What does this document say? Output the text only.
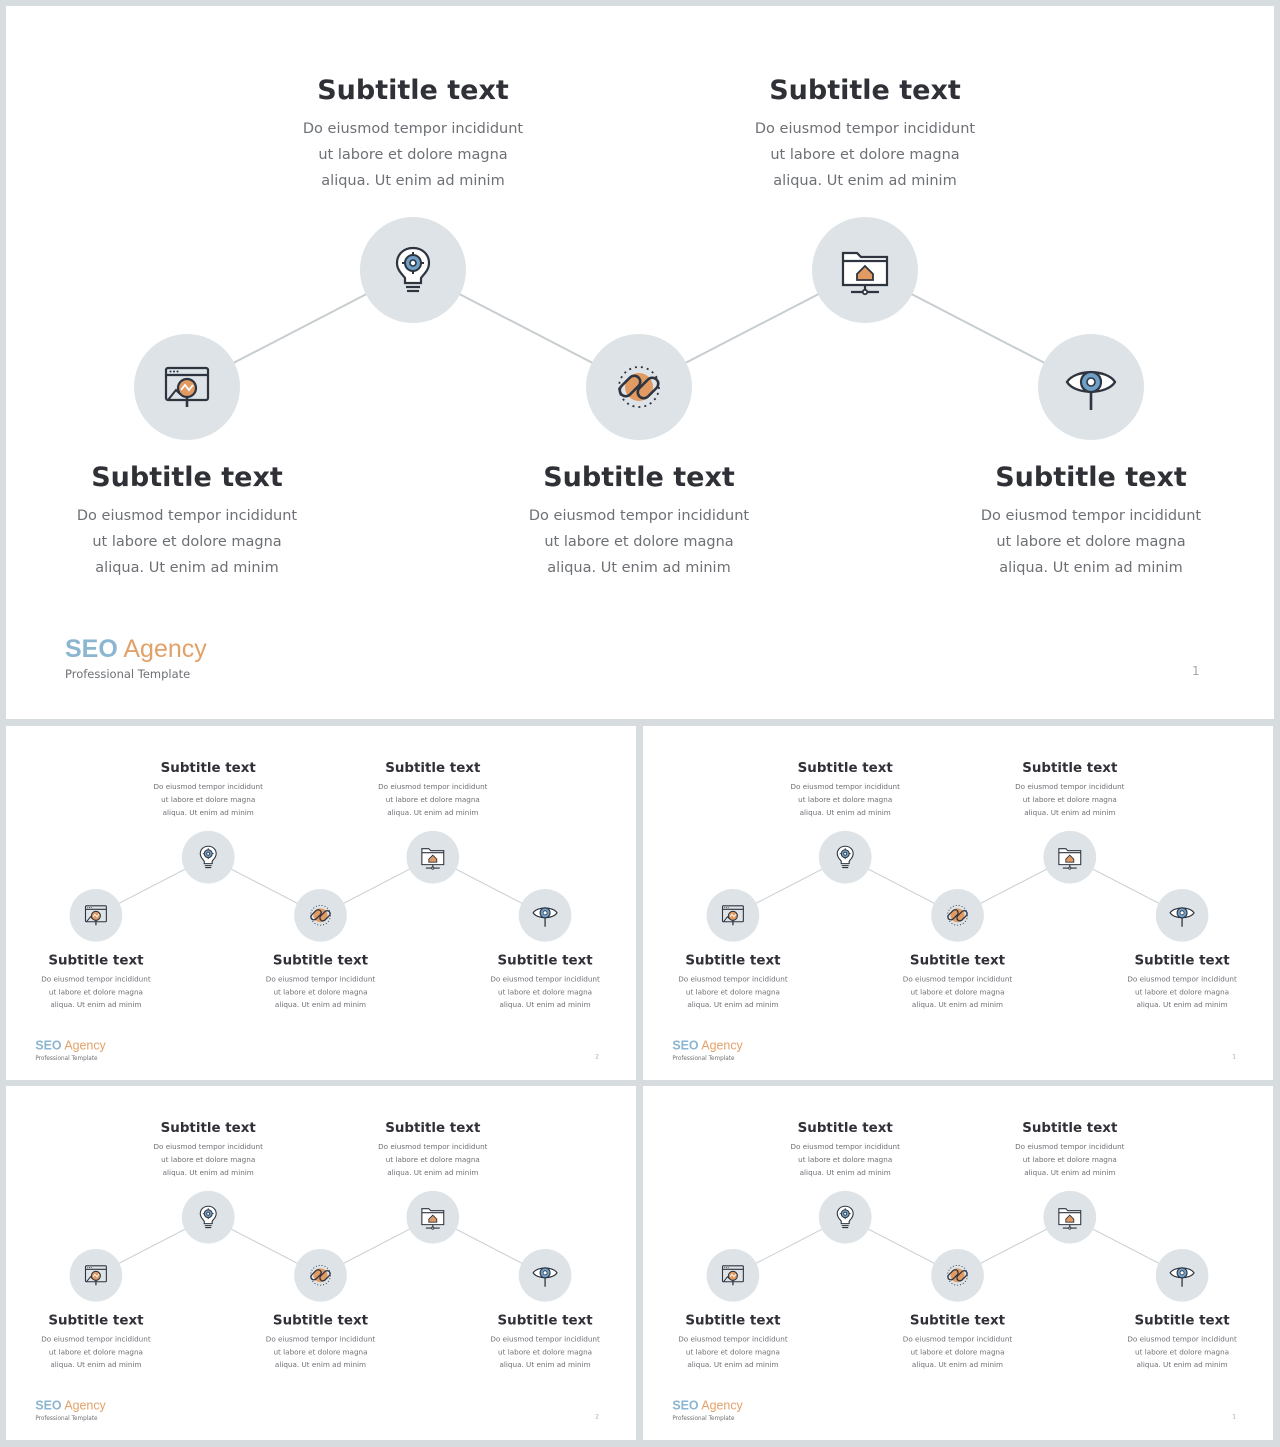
Subtitle text
Do eiusmod tempor incididunt
ut labore et dolore magna
aliqua. Ut enim ad minim
Subtitle text
Do eiusmod tempor incididunt
ut labore et dolore magna
aliqua. Ut enim ad minim
Subtitle text
Do eiusmod tempor incididunt
ut labore et dolore magna
aliqua. Ut enim ad minim
Subtitle text
Do eiusmod tempor incididunt
ut labore et dolore magna
aliqua. Ut enim ad minim
Subtitle text
Do eiusmod tempor incididunt
ut labore et dolore magna
aliqua. Ut enim ad minim
SEO Agency
Professional Template	1
Subtitle text
Do eiusmod tempor incididunt
ut labore et dolore magna
aliqua. Ut enim ad minim
Subtitle text
Do eiusmod tempor incididunt
ut labore et dolore magna
aliqua. Ut enim ad minim
Subtitle text
Do eiusmod tempor incididunt
ut labore et dolore magna
aliqua. Ut enim ad minim
Subtitle text
Do eiusmod tempor incididunt
ut labore et dolore magna
aliqua. Ut enim ad minim
Subtitle text
Do eiusmod tempor incididunt
ut labore et dolore magna
aliqua. Ut enim ad minim
SEO Agency
Professional Template	2
Subtitle text
Do eiusmod tempor incididunt
ut labore et dolore magna
aliqua. Ut enim ad minim
Subtitle text
Do eiusmod tempor incididunt
ut labore et dolore magna
aliqua. Ut enim ad minim
Subtitle text
Do eiusmod tempor incididunt
ut labore et dolore magna
aliqua. Ut enim ad minim
Subtitle text
Do eiusmod tempor incididunt
ut labore et dolore magna
aliqua. Ut enim ad minim
Subtitle text
Do eiusmod tempor incididunt
ut labore et dolore magna
aliqua. Ut enim ad minim
SEO Agency
Professional Template	1
Subtitle text
Do eiusmod tempor incididunt
ut labore et dolore magna
aliqua. Ut enim ad minim
Subtitle text
Do eiusmod tempor incididunt
ut labore et dolore magna
aliqua. Ut enim ad minim
Subtitle text
Do eiusmod tempor incididunt
ut labore et dolore magna
aliqua. Ut enim ad minim
Subtitle text
Do eiusmod tempor incididunt
ut labore et dolore magna
aliqua. Ut enim ad minim
Subtitle text
Do eiusmod tempor incididunt
ut labore et dolore magna
aliqua. Ut enim ad minim
SEO Agency
Professional Template	2
Subtitle text
Do eiusmod tempor incididunt
ut labore et dolore magna
aliqua. Ut enim ad minim
Subtitle text
Do eiusmod tempor incididunt
ut labore et dolore magna
aliqua. Ut enim ad minim
Subtitle text
Do eiusmod tempor incididunt
ut labore et dolore magna
aliqua. Ut enim ad minim
Subtitle text
Do eiusmod tempor incididunt
ut labore et dolore magna
aliqua. Ut enim ad minim
Subtitle text
Do eiusmod tempor incididunt
ut labore et dolore magna
aliqua. Ut enim ad minim
SEO Agency
Professional Template	1
